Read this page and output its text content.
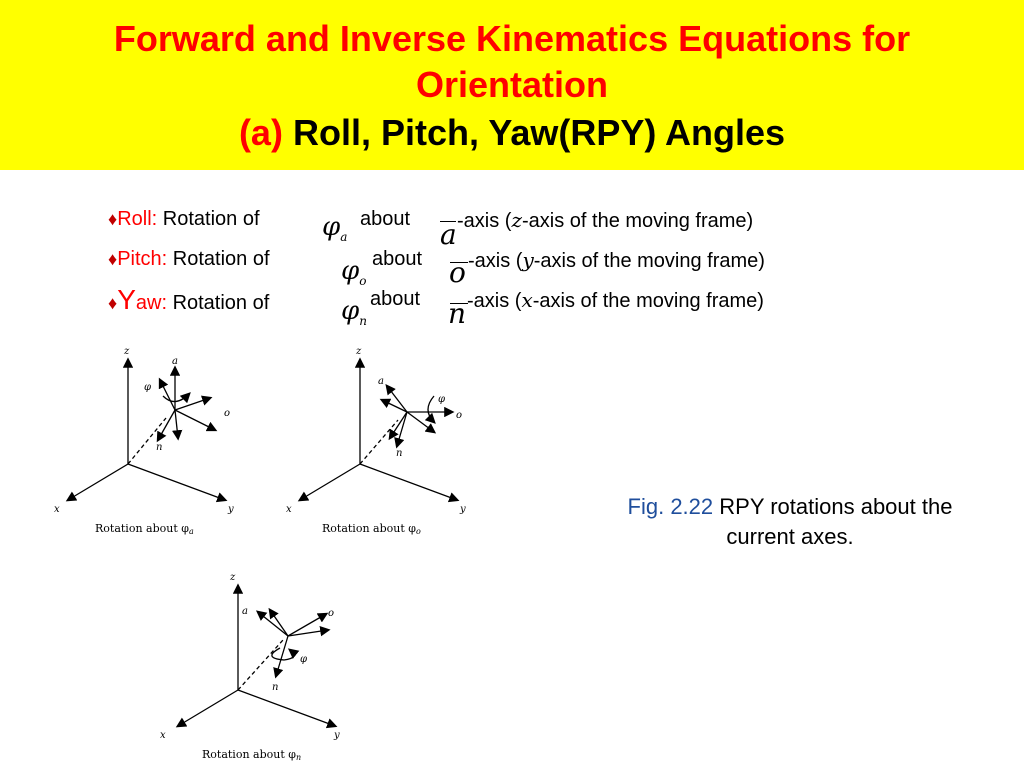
Forward and Inverse Kinematics Equations for
Orientation
(a) Roll, Pitch, Yaw(RPY) Angles
♦Roll: Rotation of $\varphi_a$
about a -axis (z-axis of the moving frame)
♦Pitch: Rotation of	$\varphi_o$
about o -axis (y-axis of the moving frame)
♦Yaw: Rotation of	$\varphi_n$
about n -axis (x-axis of the moving frame)
z
x	y
a
o
n
φ
Rotation about φa
z
x	y
a
o
n
φ
Rotation about φo
z
x	y
a	o
n
φ
Rotation about φn
Fig. 2.22 RPY rotations about the
current axes.
